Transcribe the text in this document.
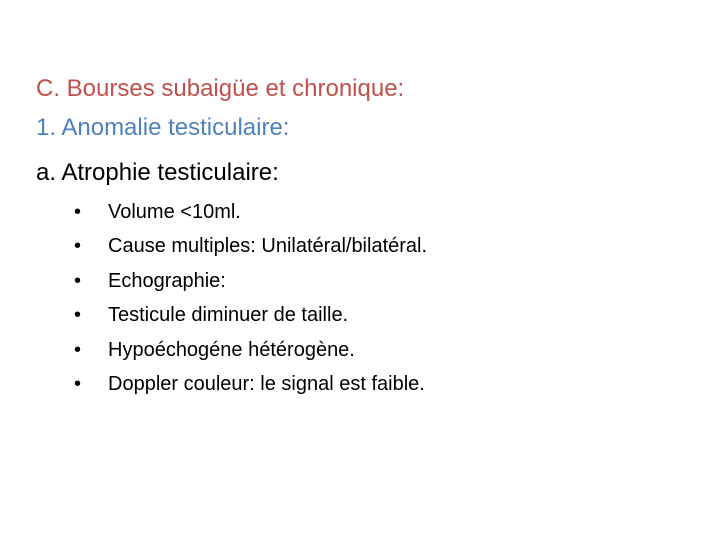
C. Bourses subaigüe et chronique:
1. Anomalie testiculaire:
a. Atrophie testiculaire:
• Volume <10ml.
• Cause multiples: Unilatéral/bilatéral.
• Echographie:
• Testicule diminuer de taille.
• Hypoéchogéne hétérogène.
• Doppler couleur: le signal est faible.
